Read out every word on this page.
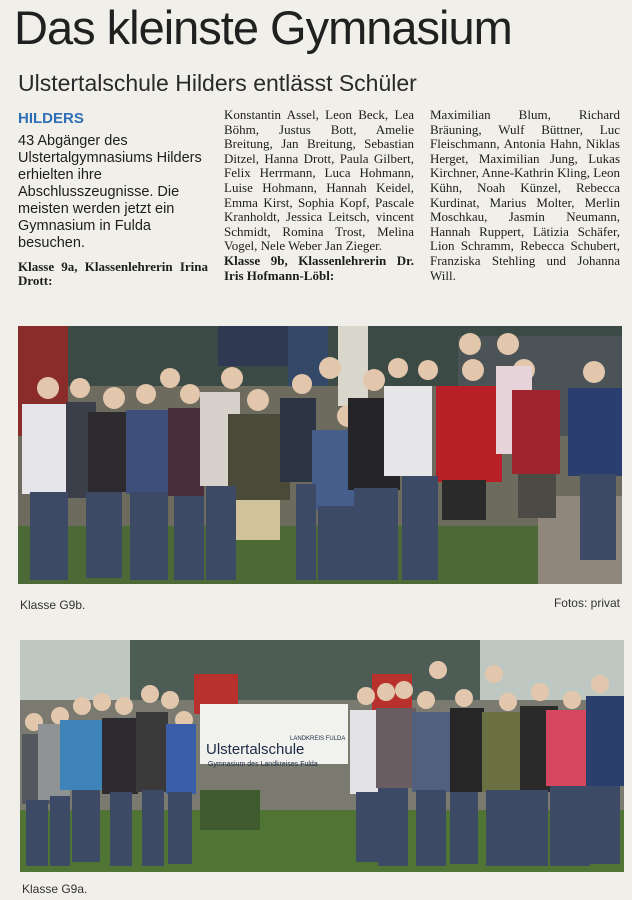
Das kleinste Gymnasium
Ulstertalschule Hilders entlässt Schüler
HILDERS

43 Abgänger des Ulstertalgymnasiums Hilders erhielten ihre Abschlusszeugnisse. Die meisten werden jetzt ein Gymnasium in Fulda besuchen.

Klasse 9a, Klassenlehrerin Irina Drott:

Konstantin Assel, Leon Beck, Lea Böhm, Justus Bott, Amelie Breitung, Jan Breitung, Sebastian Ditzel, Hanna Drott, Paula Gilbert, Felix Herrmann, Luca Hohmann, Luise Hohmann, Hannah Keidel, Emma Kirst, Sophia Kopf, Pascale Kranholdt, Jessica Leitsch, vincent Schmidt, Romina Trost, Melina Vogel, Nele Weber Jan Zieger.

Klasse 9b, Klassenlehrerin Dr. Iris Hofmann-Löbl:

Maximilian Blum, Richard Bräuning, Wulf Büttner, Luc Fleischmann, Antonia Hahn, Niklas Herget, Maximilian Jung, Lukas Kirchner, Anne-Kathrin Kling, Leon Kühn, Noah Künzel, Rebecca Kurdinat, Marius Molter, Merlin Moschkau, Jasmin Neumann, Hannah Ruppert, Lätizia Schäfer, Lion Schramm, Rebecca Schubert, Franziska Stehling und Johanna Will.

Klasse G9b.	Fotos: privat
Ulstertalschule
Gymnasium des Landkreises Fulda
LANDKREIS FULDA
Klasse G9a.
